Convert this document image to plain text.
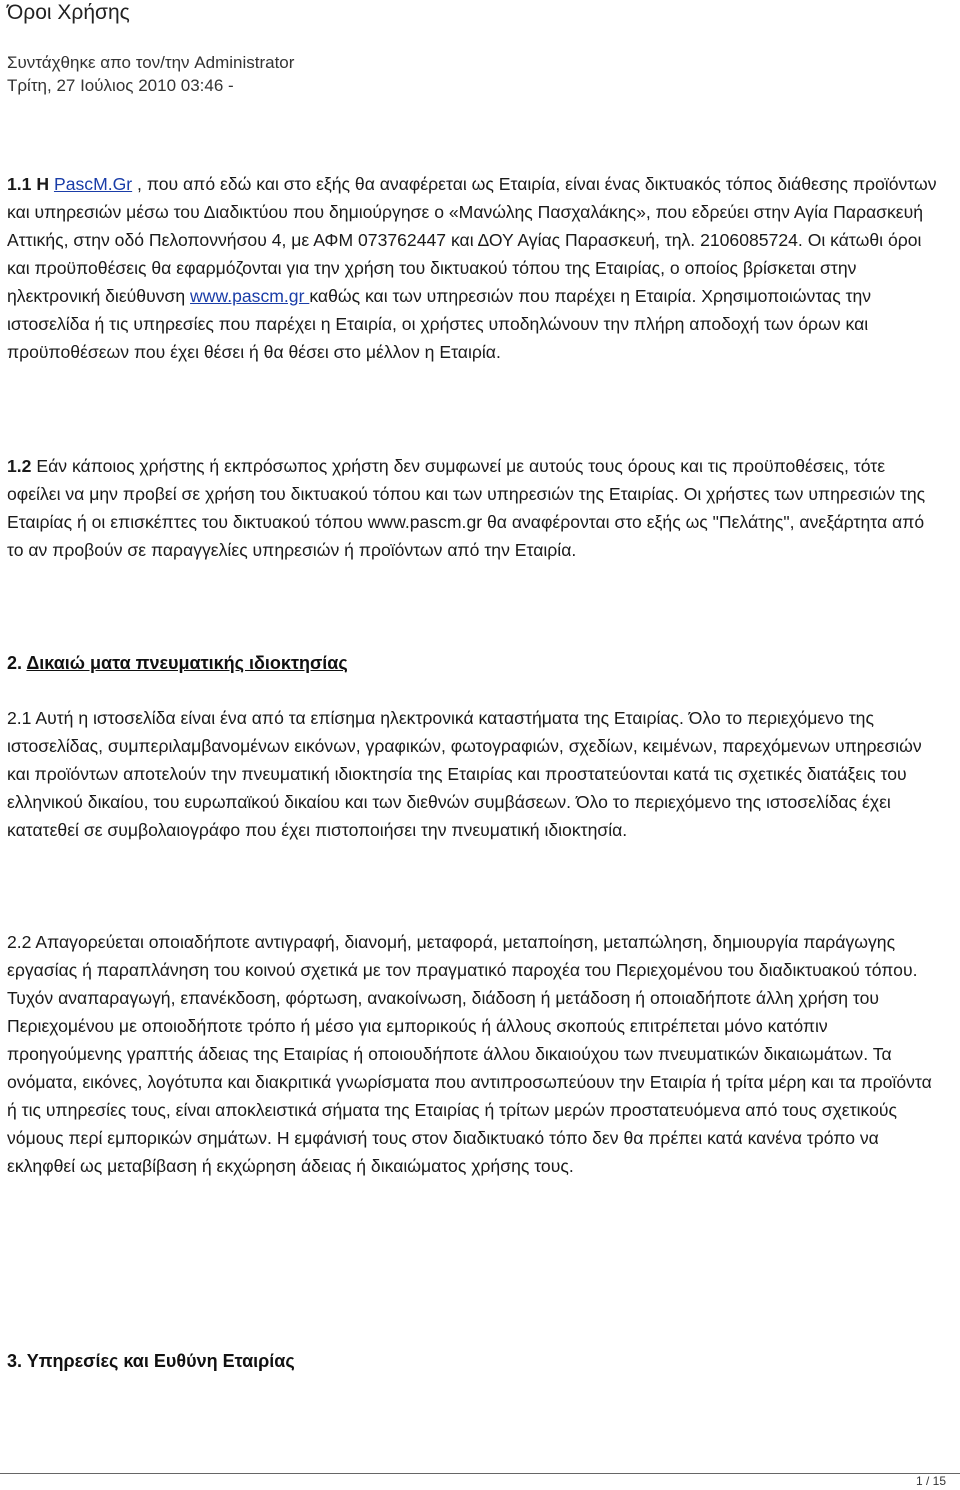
Όροι Χρήσης
Συντάχθηκε απο τον/την Administrator
Τρίτη, 27 Ιούλιος 2010 03:46 -

1.1 Η PascM.Gr , που από εδώ και στο εξής θα αναφέρεται ως Εταιρία, είναι ένας δικτυακός τόπος διάθεσης προϊόντων και υπηρεσιών μέσω του Διαδικτύου που δημιούργησε ο «Μανώλης Πασχαλάκης», που εδρεύει στην Αγία Παρασκευή Αττικής, στην οδό Πελοποννήσου 4, με ΑΦΜ 073762447 και ΔΟΥ Αγίας Παρασκευή, τηλ. 2106085724. Οι κάτωθι όροι και προϋποθέσεις θα εφαρμόζονται για την χρήση του δικτυακού τόπου της Εταιρίας, ο οποίος βρίσκεται στην ηλεκτρονική διεύθυνση www.pascm.gr καθώς και των υπηρεσιών που παρέχει η Εταιρία. Χρησιμοποιώντας την ιστοσελίδα ή τις υπηρεσίες που παρέχει η Εταιρία, οι χρήστες υποδηλώνουν την πλήρη αποδοχή των όρων και προϋποθέσεων που έχει θέσει ή θα θέσει στο μέλλον η Εταιρία.

1.2 Εάν κάποιος χρήστης ή εκπρόσωπος χρήστη δεν συμφωνεί με αυτούς τους όρους και τις προϋποθέσεις, τότε οφείλει να μην προβεί σε χρήση του δικτυακού τόπου και των υπηρεσιών της Εταιρίας. Οι χρήστες των υπηρεσιών της Εταιρίας ή οι επισκέπτες του δικτυακού τόπου www.pascm.gr θα αναφέρονται στο εξής ως "Πελάτης", ανεξάρτητα από το αν προβούν σε παραγγελίες υπηρεσιών ή προϊόντων από την Εταιρία.

2. Δικαιώ ματα πνευματικής ιδιοκτησίας

2.1 Αυτή η ιστοσελίδα είναι ένα από τα επίσημα ηλεκτρονικά καταστήματα της Εταιρίας. Όλο το περιεχόμενο της ιστοσελίδας, συμπεριλαμβανομένων εικόνων, γραφικών, φωτογραφιών, σχεδίων, κειμένων, παρεχόμενων υπηρεσιών και προϊόντων αποτελούν την πνευματική ιδιοκτησία της Εταιρίας και προστατεύονται κατά τις σχετικές διατάξεις του ελληνικού δικαίου, του ευρωπαϊκού δικαίου και των διεθνών συμβάσεων. Όλο το περιεχόμενο της ιστοσελίδας έχει κατατεθεί σε συμβολαιογράφο που έχει πιστοποιήσει την πνευματική ιδιοκτησία.

2.2 Απαγορεύεται οποιαδήποτε αντιγραφή, διανομή, μεταφορά, μεταποίηση, μεταπώληση, δημιουργία παράγωγης εργασίας ή παραπλάνηση του κοινού σχετικά με τον πραγματικό παροχέα του Περιεχομένου του διαδικτυακού τόπου. Τυχόν αναπαραγωγή, επανέκδοση, φόρτωση, ανακοίνωση, διάδοση ή μετάδοση ή οποιαδήποτε άλλη χρήση του Περιεχομένου με οποιοδήποτε τρόπο ή μέσο για εμπορικούς ή άλλους σκοπούς επιτρέπεται μόνο κατόπιν προηγούμενης γραπτής άδειας της Εταιρίας ή οποιουδήποτε άλλου δικαιούχου των πνευματικών δικαιωμάτων. Τα ονόματα, εικόνες, λογότυπα και διακριτικά γνωρίσματα που αντιπροσωπεύουν την Εταιρία ή τρίτα μέρη και τα προϊόντα ή τις υπηρεσίες τους, είναι αποκλειστικά σήματα της Εταιρίας ή τρίτων μερών προστατευόμενα από τους σχετικούς νόμους περί εμπορικών σημάτων. Η εμφάνισή τους στον διαδικτυακό τόπο δεν θα πρέπει κατά κανένα τρόπο να εκληφθεί ως μεταβίβαση ή εκχώρηση άδειας ή δικαιώματος χρήσης τους.

3. Υπηρεσίες και Ευθύνη Εταιρίας
1 / 15
